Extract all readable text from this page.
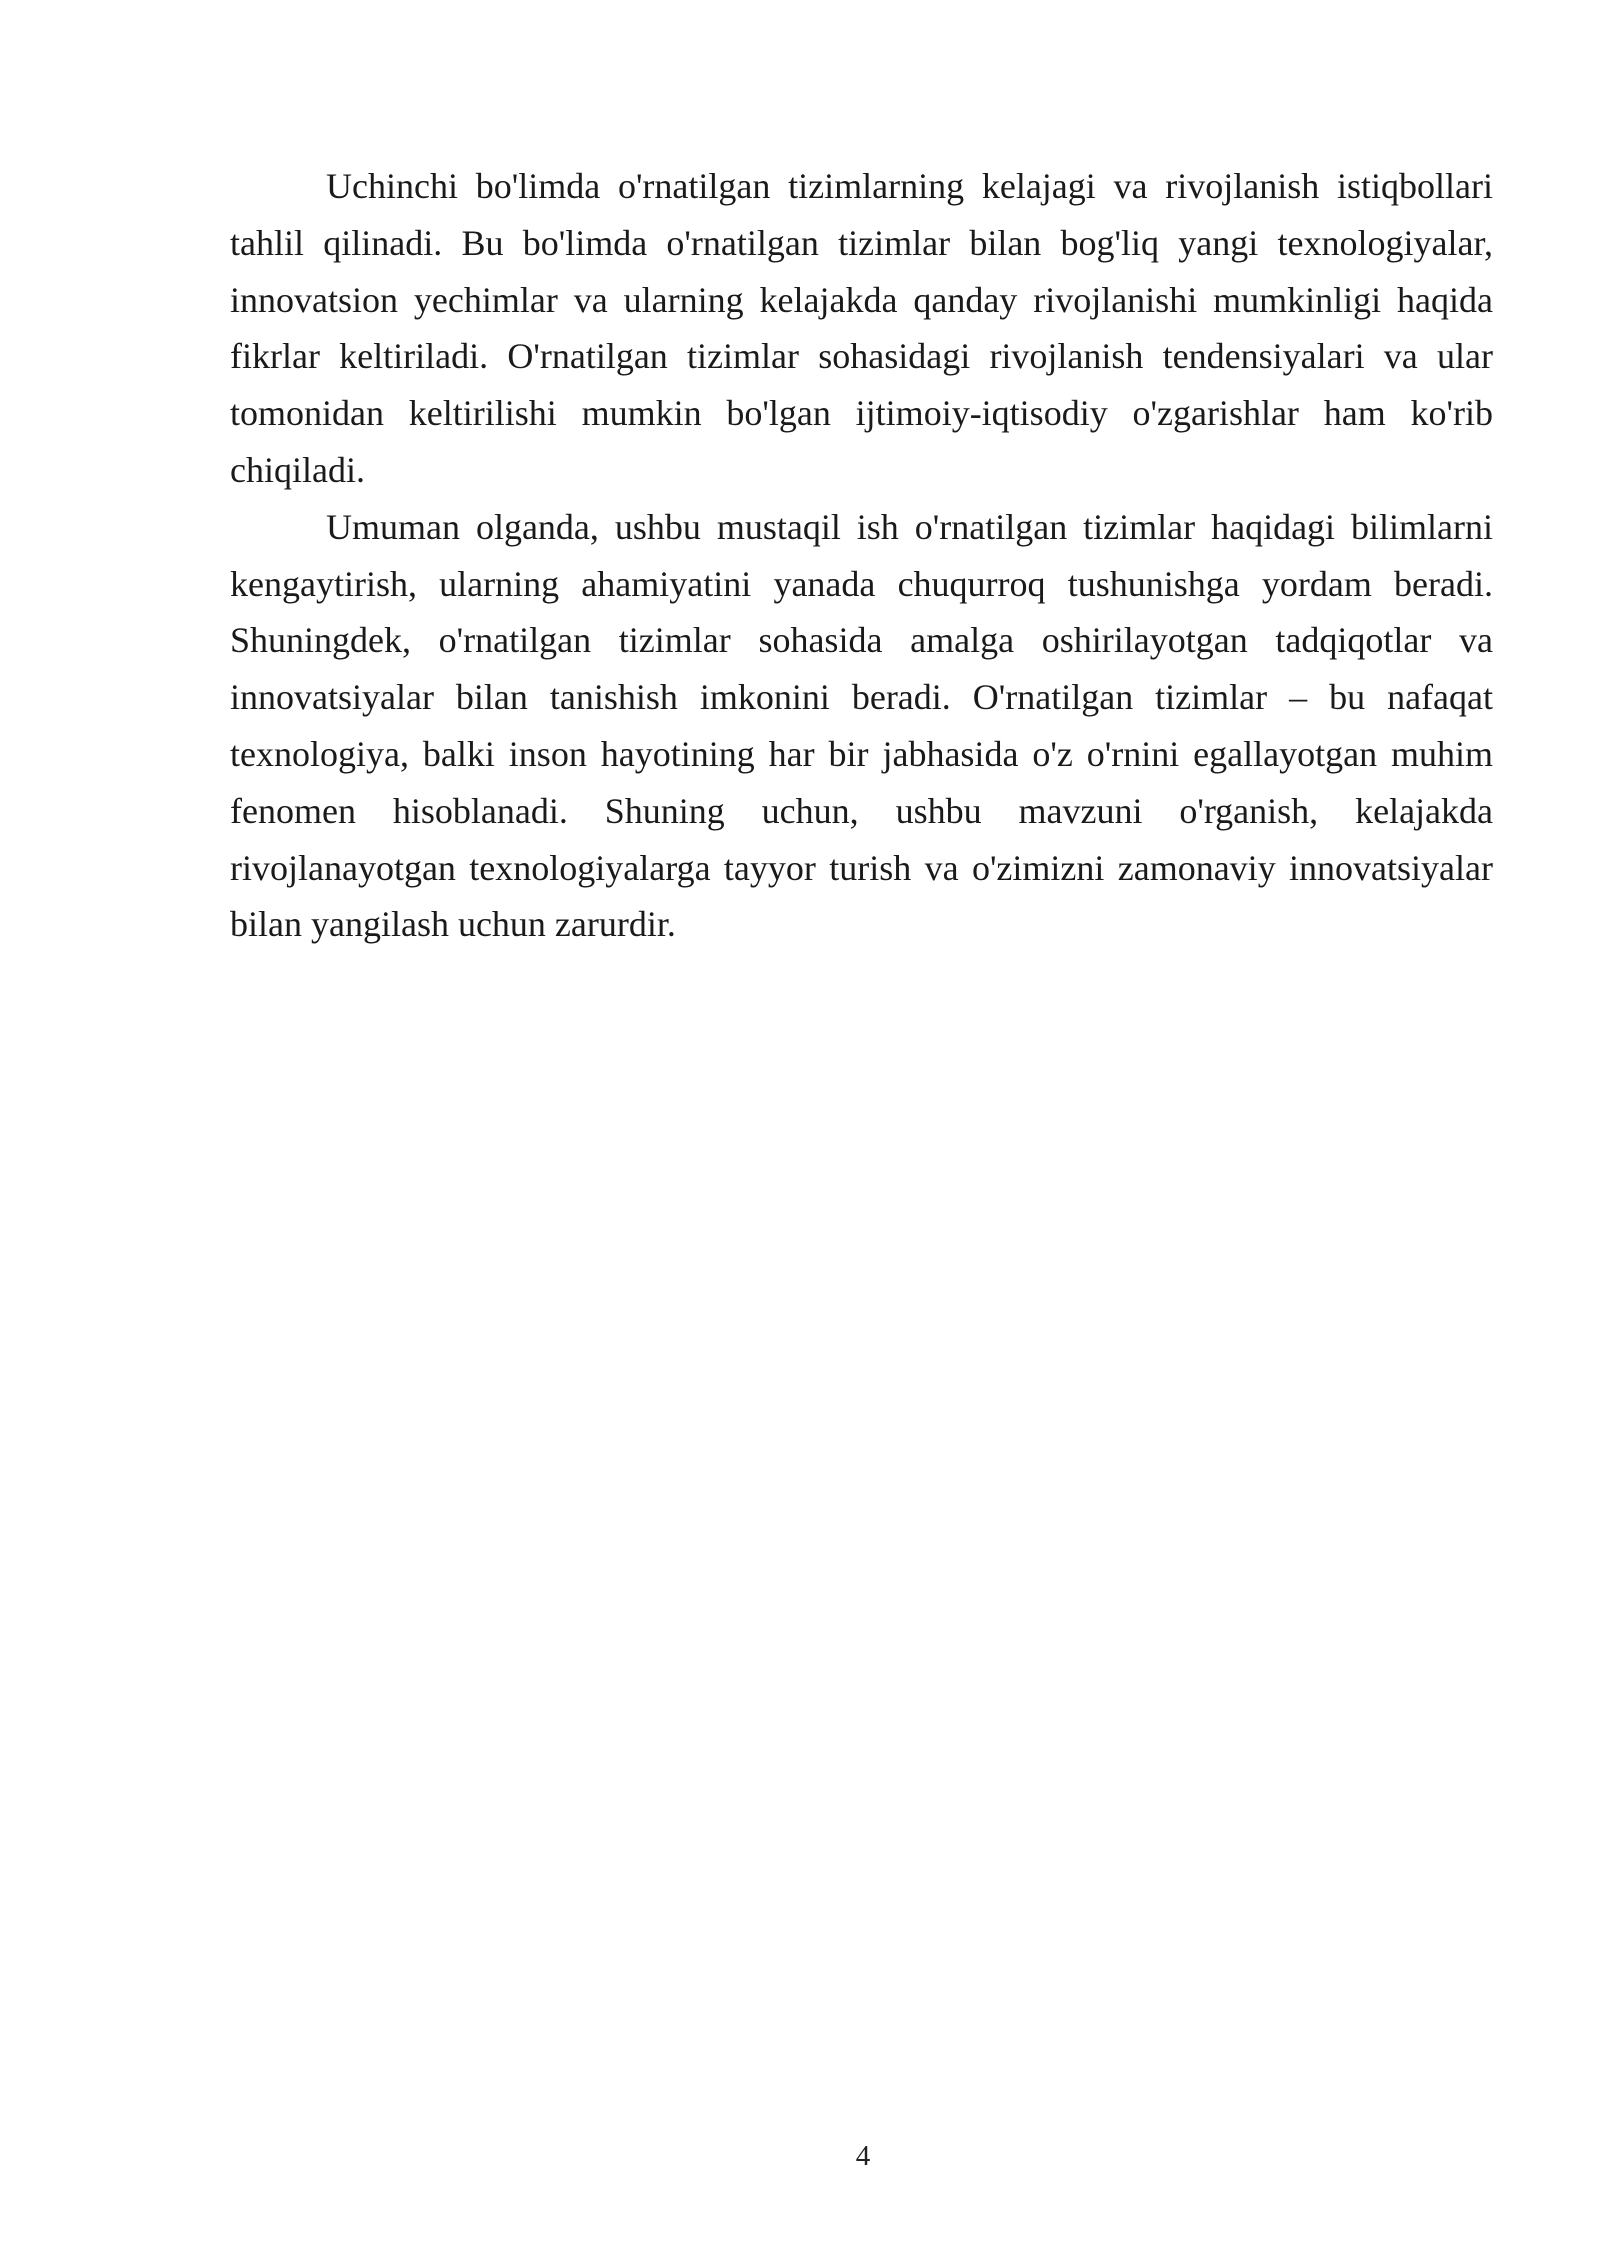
Uchinchi bo'limda o'rnatilgan tizimlarning kelajagi va rivojlanish istiqbollari tahlil qilinadi. Bu bo'limda o'rnatilgan tizimlar bilan bog'liq yangi texnologiyalar, innovatsion yechimlar va ularning kelajakda qanday rivojlanishi mumkinligi haqida fikrlar keltiriladi. O'rnatilgan tizimlar sohasidagi rivojlanish tendensiyalari va ular tomonidan keltirilishi mumkin bo'lgan ijtimoiy-iqtisodiy o'zgarishlar ham ko'rib chiqiladi.

Umuman olganda, ushbu mustaqil ish o'rnatilgan tizimlar haqidagi bilimlarni kengaytirish, ularning ahamiyatini yanada chuqurroq tushunishga yordam beradi. Shuningdek, o'rnatilgan tizimlar sohasida amalga oshirilayotgan tadqiqotlar va innovatsiyalar bilan tanishish imkonini beradi. O'rnatilgan tizimlar – bu nafaqat texnologiya, balki inson hayotining har bir jabhasida o'z o'rnini egallayotgan muhim fenomen hisoblanadi. Shuning uchun, ushbu mavzuni o'rganish, kelajakda rivojlanayotgan texnologiyalarga tayyor turish va o'zimizni zamonaviy innovatsiyalar bilan yangilash uchun zarurdir.

4
